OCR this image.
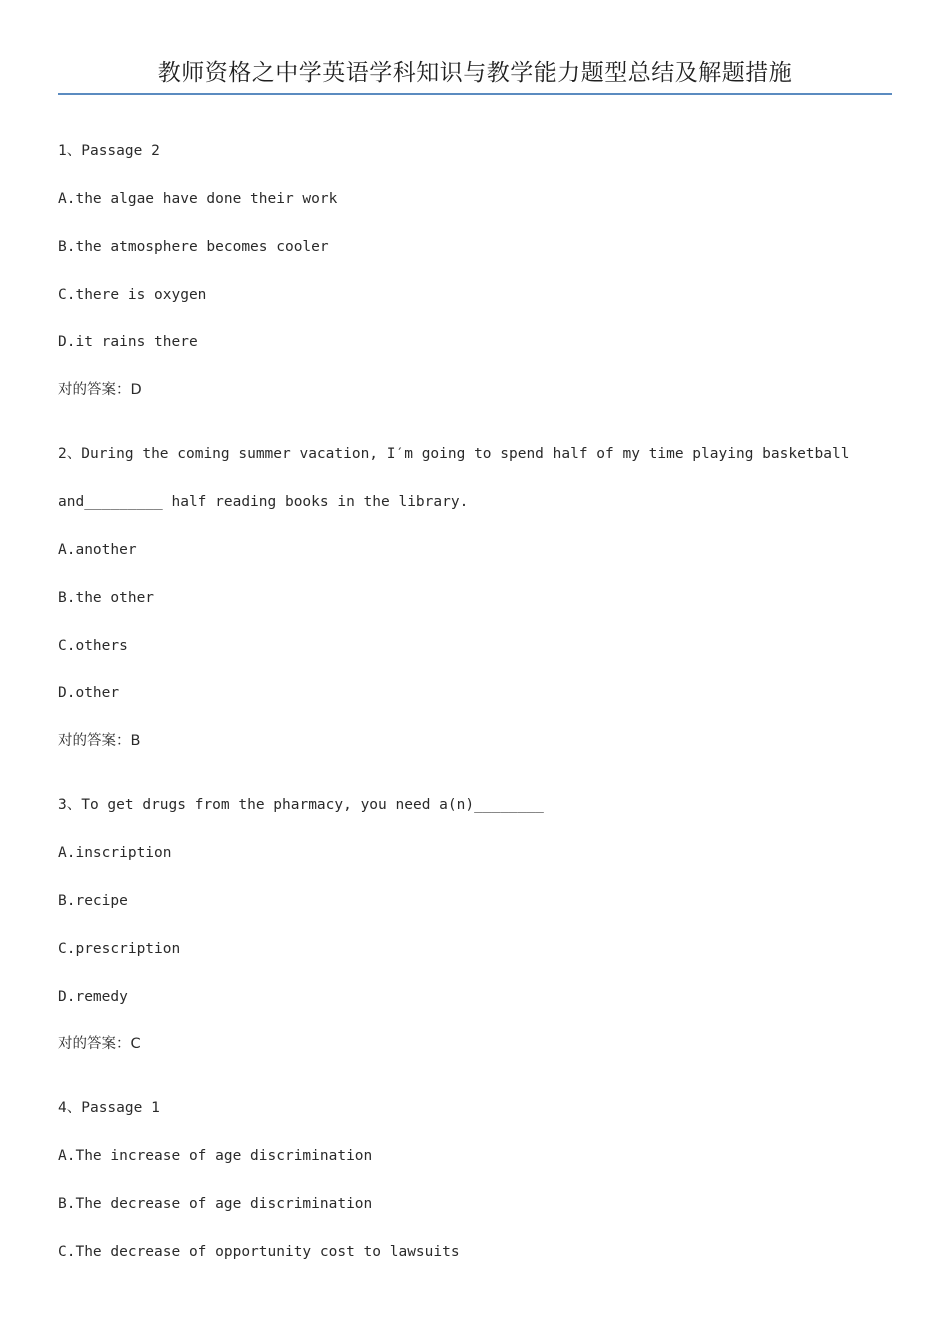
教师资格之中学英语学科知识与教学能力题型总结及解题措施
1、Passage 2
A.the algae have done their work
B.the atmosphere becomes cooler
C.there is oxygen
D.it rains there
对的答案：D
2、During the coming summer vacation, I′m going to spend half of my time playing basketball
and_________ half reading books in the library.
A.another
B.the other
C.others
D.other
对的答案：B
3、To get drugs from the pharmacy, you need a(n)________
A.inscription
B.recipe
C.prescription
D.remedy
对的答案：C
4、Passage 1
A.The increase of age discrimination
B.The decrease of age discrimination
C.The decrease of opportunity cost to lawsuits
